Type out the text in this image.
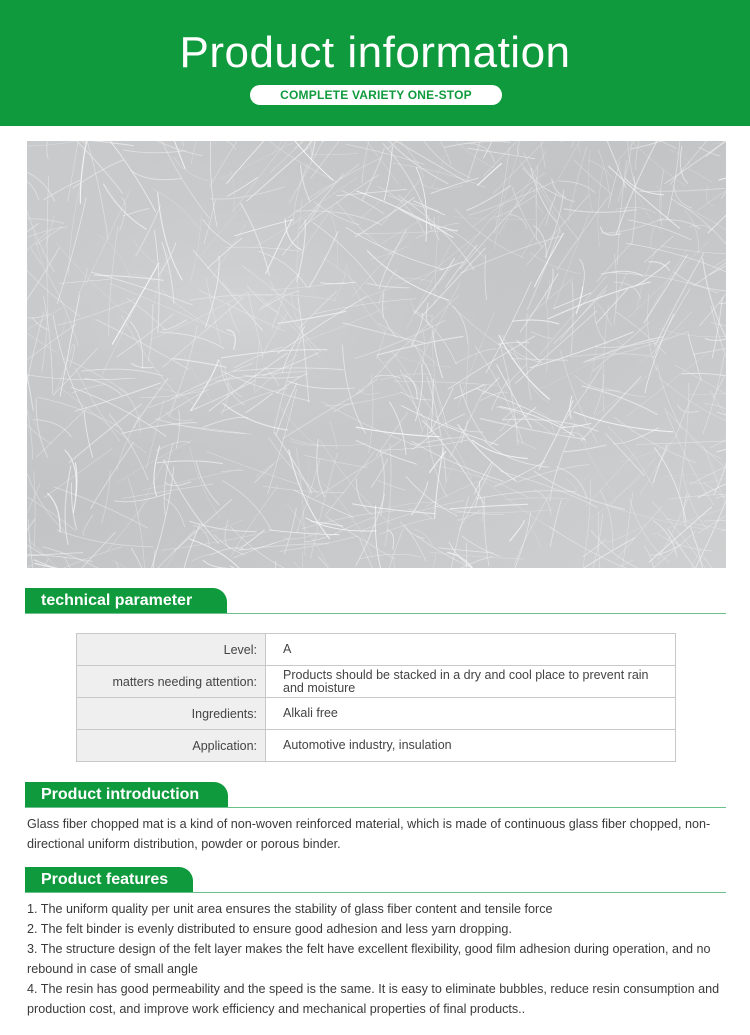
Product information
COMPLETE VARIETY ONE-STOP SHOPPING
technical parameter
Level:	A
matters needing attention:	Products should be stacked in a dry and cool place to prevent rain and moisture
Ingredients:	Alkali free
Application:	Automotive industry, insulation
Product introduction

Glass fiber chopped mat is a kind of non-woven reinforced material, which is made of continuous glass fiber chopped, non-directional uniform distribution, powder or porous binder.

Product features
1. The uniform quality per unit area ensures the stability of glass fiber content and tensile force
2. The felt binder is evenly distributed to ensure good adhesion and less yarn dropping.
3. The structure design of the felt layer makes the felt have excellent flexibility, good film adhesion during operation, and no rebound in case of small angle
4. The resin has good permeability and the speed is the same. It is easy to eliminate bubbles, reduce resin consumption and production cost, and improve work efficiency and mechanical properties of final products..
